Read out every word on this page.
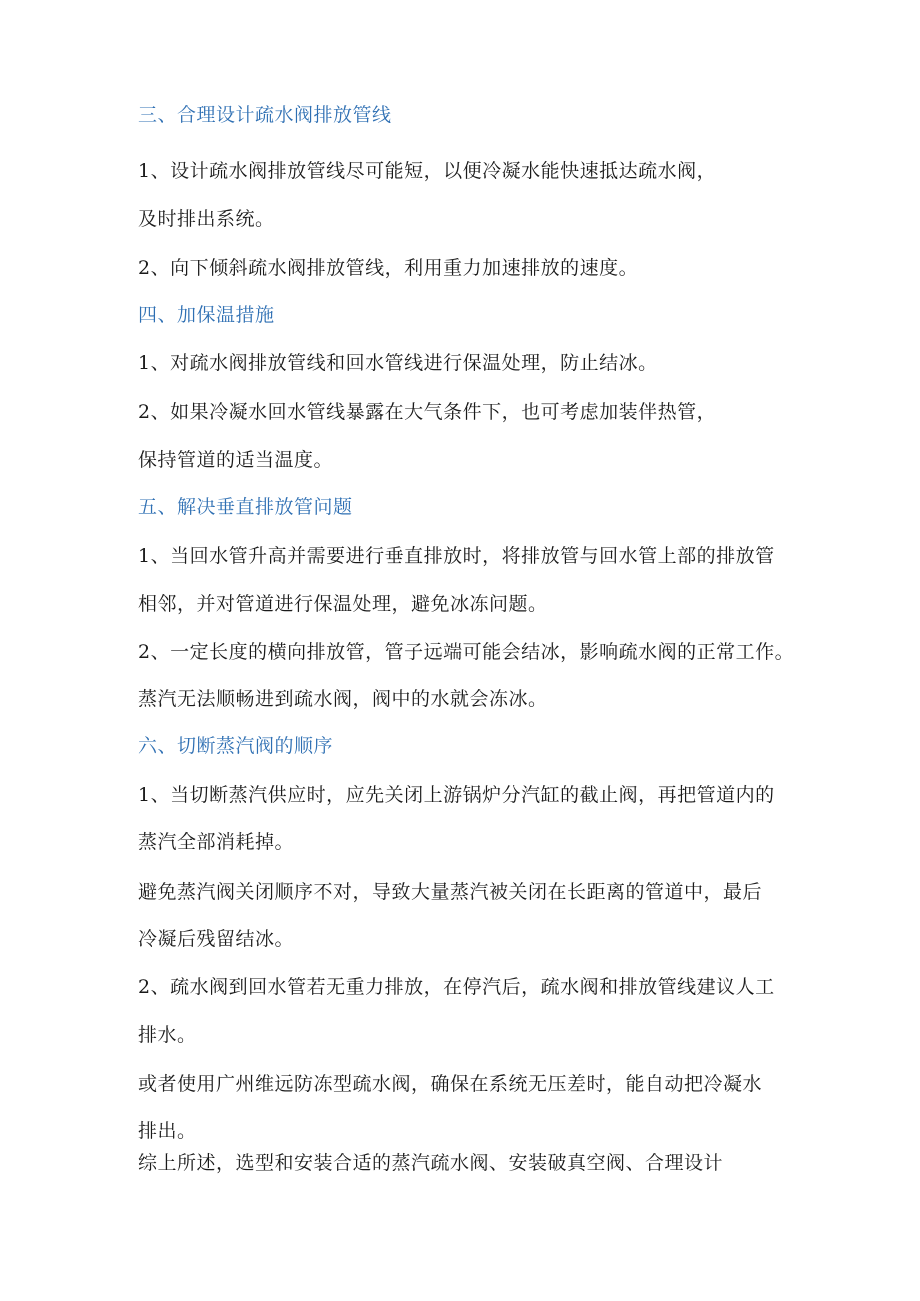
三、合理设计疏水阀排放管线
1、设计疏水阀排放管线尽可能短，以便冷凝水能快速抵达疏水阀，
及时排出系统。
2、向下倾斜疏水阀排放管线，利用重力加速排放的速度。
四、加保温措施
1、对疏水阀排放管线和回水管线进行保温处理，防止结冰。
2、如果冷凝水回水管线暴露在大气条件下，也可考虑加装伴热管，
保持管道的适当温度。
五、解决垂直排放管问题
1、当回水管升高并需要进行垂直排放时，将排放管与回水管上部的排放管
相邻，并对管道进行保温处理，避免冰冻问题。
2、一定长度的横向排放管，管子远端可能会结冰，影响疏水阀的正常工作。
蒸汽无法顺畅进到疏水阀，阀中的水就会冻冰。
六、切断蒸汽阀的顺序
1、当切断蒸汽供应时，应先关闭上游锅炉分汽缸的截止阀，再把管道内的
蒸汽全部消耗掉。
避免蒸汽阀关闭顺序不对，导致大量蒸汽被关闭在长距离的管道中，最后
冷凝后残留结冰。
2、疏水阀到回水管若无重力排放，在停汽后，疏水阀和排放管线建议人工
排水。
或者使用广州维远防冻型疏水阀，确保在系统无压差时，能自动把冷凝水
排出。
综上所述，选型和安装合适的蒸汽疏水阀、安装破真空阀、合理设计
